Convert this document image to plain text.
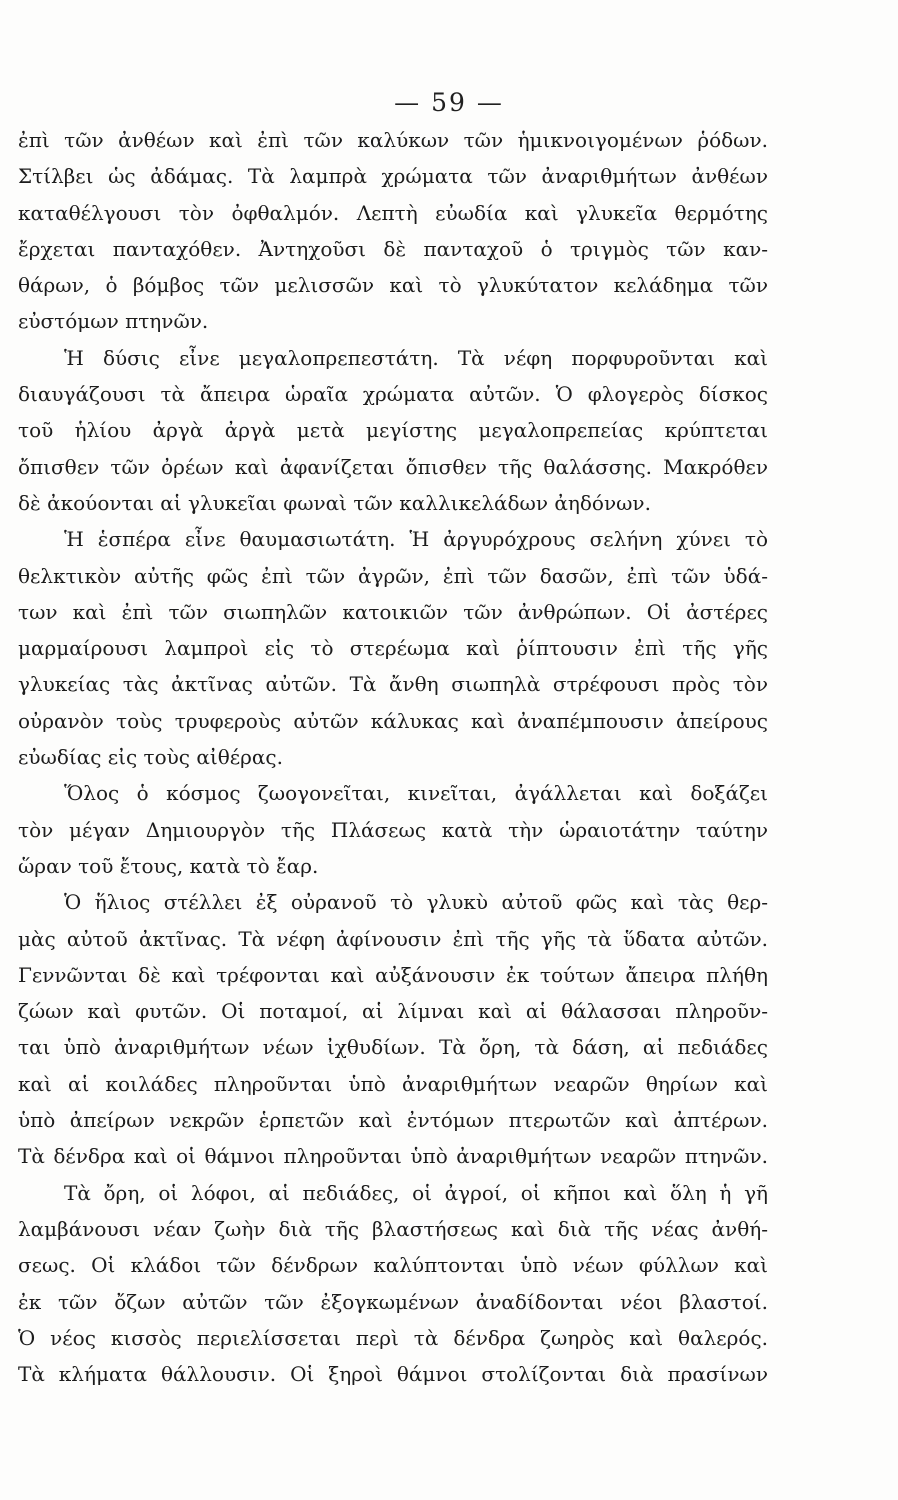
— 59 —
ἐπὶ τῶν ἀνθέων καὶ ἐπὶ τῶν καλύκων τῶν ἡμικνοιγομένων ῥόδων.
Στίλβει ὡς ἀδάμας. Τὰ λαμπρὰ χρώματα τῶν ἀναριθμήτων ἀνθέων
καταθέλγουσι τὸν ὀφθαλμόν. Λεπτὴ εὐωδία καὶ γλυκεῖα θερμότης
ἔρχεται πανταχόθεν. Ἀντηχοῦσι δὲ πανταχοῦ ὁ τριγμὸς τῶν καν-
θάρων, ὁ βόμβος τῶν μελισσῶν καὶ τὸ γλυκύτατον κελάδημα τῶν
εὐστόμων πτηνῶν.
Ἡ δύσις εἶνε μεγαλοπρεπεστάτη. Τὰ νέφη πορφυροῦνται καὶ
διαυγάζουσι τὰ ἄπειρα ὡραῖα χρώματα αὐτῶν. Ὁ φλογερὸς δίσκος
τοῦ ἡλίου ἀργὰ ἀργὰ μετὰ μεγίστης μεγαλοπρεπείας κρύπτεται
ὄπισθεν τῶν ὀρέων καὶ ἀφανίζεται ὄπισθεν τῆς θαλάσσης. Μακρόθεν
δὲ ἀκούονται αἱ γλυκεῖαι φωναὶ τῶν καλλικελάδων ἀηδόνων.
Ἡ ἑσπέρα εἶνε θαυμασιωτάτη. Ἡ ἀργυρόχρους σελήνη χύνει τὸ
θελκτικὸν αὐτῆς φῶς ἐπὶ τῶν ἀγρῶν, ἐπὶ τῶν δασῶν, ἐπὶ τῶν ὑδά-
των καὶ ἐπὶ τῶν σιωπηλῶν κατοικιῶν τῶν ἀνθρώπων. Οἱ ἀστέρες
μαρμαίρουσι λαμπροὶ εἰς τὸ στερέωμα καὶ ῥίπτουσιν ἐπὶ τῆς γῆς
γλυκείας τὰς ἀκτῖνας αὐτῶν. Τὰ ἄνθη σιωπηλὰ στρέφουσι πρὸς τὸν
οὐρανὸν τοὺς τρυφεροὺς αὐτῶν κάλυκας καὶ ἀναπέμπουσιν ἀπείρους
εὐωδίας εἰς τοὺς αἰθέρας.
Ὅλος ὁ κόσμος ζωογονεῖται, κινεῖται, ἀγάλλεται καὶ δοξάζει
τὸν μέγαν Δημιουργὸν τῆς Πλάσεως κατὰ τὴν ὡραιοτάτην ταύτην
ὥραν τοῦ ἔτους, κατὰ τὸ ἔαρ.
Ὁ ἥλιος στέλλει ἐξ οὐρανοῦ τὸ γλυκὺ αὐτοῦ φῶς καὶ τὰς θερ-
μὰς αὐτοῦ ἀκτῖνας. Τὰ νέφη ἀφίνουσιν ἐπὶ τῆς γῆς τὰ ὕδατα αὐτῶν.
Γεννῶνται δὲ καὶ τρέφονται καὶ αὐξάνουσιν ἐκ τούτων ἄπειρα πλήθη
ζώων καὶ φυτῶν. Οἱ ποταμοί, αἱ λίμναι καὶ αἱ θάλασσαι πληροῦν-
ται ὑπὸ ἀναριθμήτων νέων ἰχθυδίων. Τὰ ὄρη, τὰ δάση, αἱ πεδιάδες
καὶ αἱ κοιλάδες πληροῦνται ὑπὸ ἀναριθμήτων νεαρῶν θηρίων καὶ
ὑπὸ ἀπείρων νεκρῶν ἑρπετῶν καὶ ἐντόμων πτερωτῶν καὶ ἀπτέρων.
Τὰ δένδρα καὶ οἱ θάμνοι πληροῦνται ὑπὸ ἀναριθμήτων νεαρῶν πτηνῶν.
Τὰ ὄρη, οἱ λόφοι, αἱ πεδιάδες, οἱ ἀγροί, οἱ κῆποι καὶ ὅλη ἡ γῆ
λαμβάνουσι νέαν ζωὴν διὰ τῆς βλαστήσεως καὶ διὰ τῆς νέας ἀνθή-
σεως. Οἱ κλάδοι τῶν δένδρων καλύπτονται ὑπὸ νέων φύλλων καὶ
ἐκ τῶν ὄζων αὐτῶν τῶν ἐξογκωμένων ἀναδίδονται νέοι βλαστοί.
Ὁ νέος κισσὸς περιελίσσεται περὶ τὰ δένδρα ζωηρὸς καὶ θαλερός.
Τὰ κλήματα θάλλουσιν. Οἱ ξηροὶ θάμνοι στολίζονται διὰ πρασίνων
